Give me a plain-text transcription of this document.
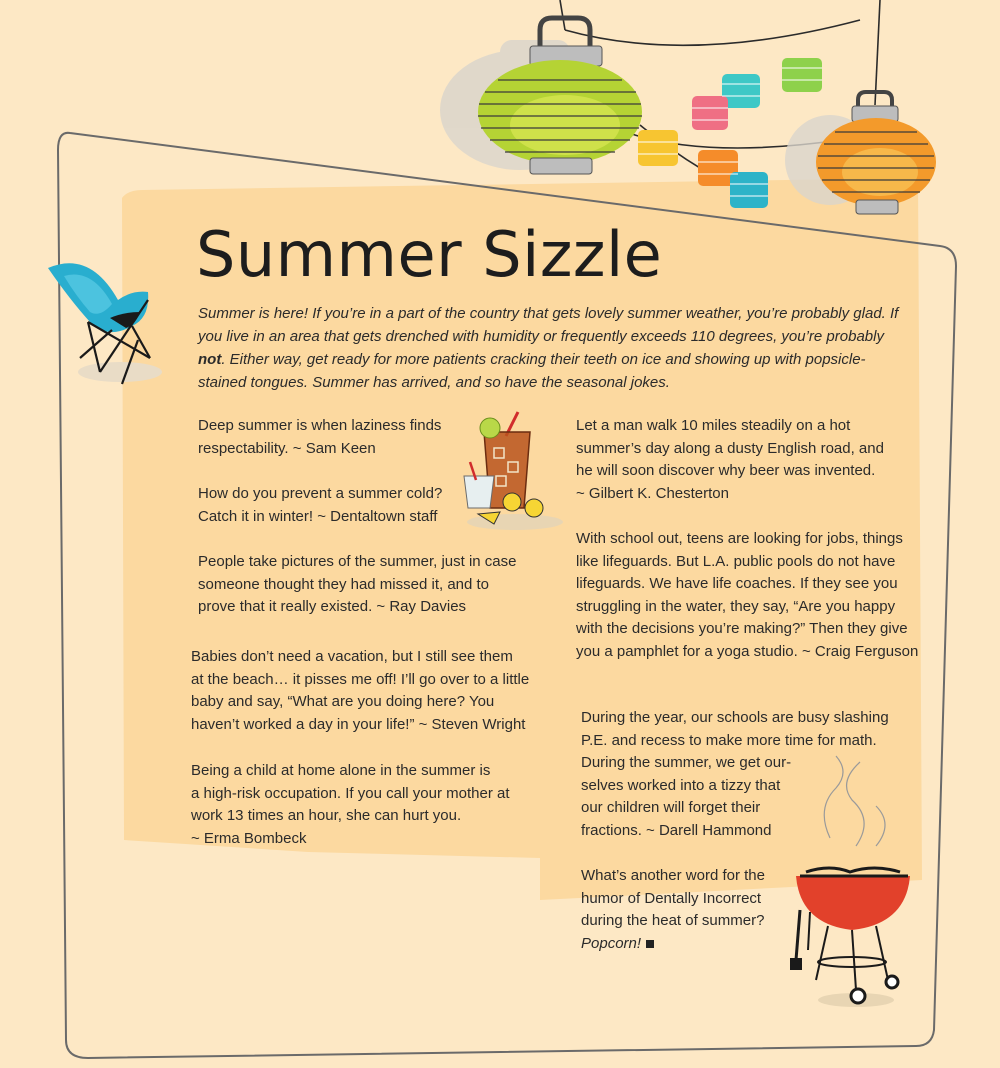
Summer Sizzle
Summer is here! If you’re in a part of the country that gets lovely summer weather, you’re probably glad. If you live in an area that gets drenched with humidity or frequently exceeds 110 degrees, you’re probably not. Either way, get ready for more patients cracking their teeth on ice and showing up with popsicle-stained tongues. Summer has arrived, and so have the seasonal jokes.
Deep summer is when laziness finds
respectability. ~ Sam Keen
How do you prevent a summer cold?
Catch it in winter! ~ Dentaltown staff
People take pictures of the summer, just in case
someone thought they had missed it, and to
prove that it really existed. ~ Ray Davies
Babies don’t need a vacation, but I still see them
at the beach… it pisses me off! I’ll go over to a little
baby and say, “What are you doing here? You
haven’t worked a day in your life!” ~ Steven Wright
Being a child at home alone in the summer is
a high-risk occupation. If you call your mother at
work 13 times an hour, she can hurt you.
~ Erma Bombeck
Let a man walk 10 miles steadily on a hot
summer’s day along a dusty English road, and
he will soon discover why beer was invented.
~ Gilbert K. Chesterton
With school out, teens are looking for jobs, things
like lifeguards. But L.A. public pools do not have
lifeguards. We have life coaches. If they see you
struggling in the water, they say, “Are you happy
with the decisions you’re making?” Then they give
you a pamphlet for a yoga studio. ~ Craig Ferguson
During the year, our schools are busy slashing
P.E. and recess to make more time for math.
During the summer, we get our-
selves worked into a tizzy that
our children will forget their
fractions. ~ Darell Hammond
What’s another word for the
humor of Dentally Incorrect
during the heat of summer?
Popcorn!
